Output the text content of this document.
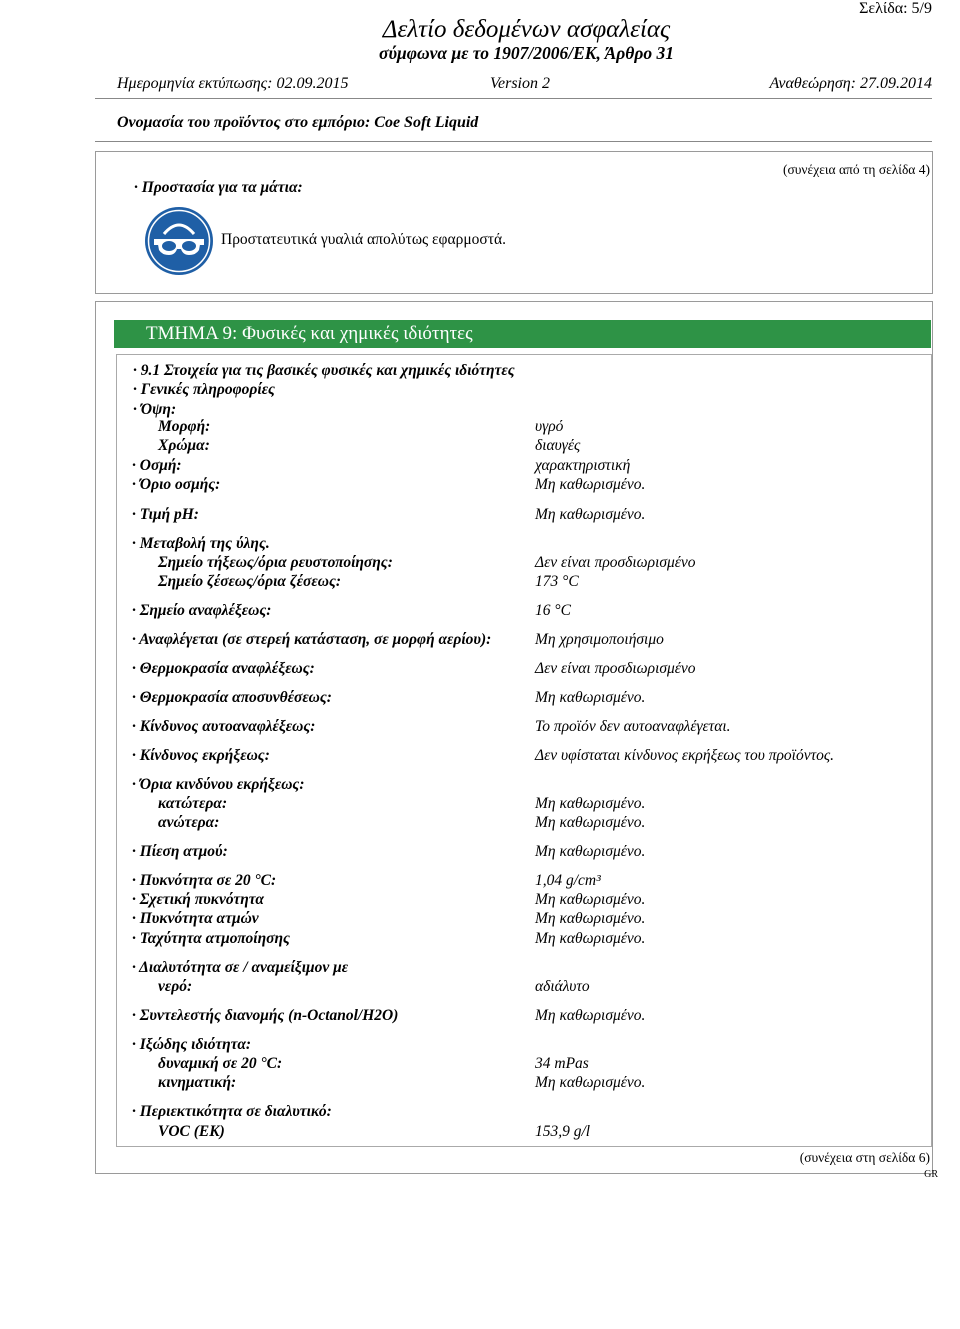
Σελίδα: 5/9
Δελτίο δεδομένων ασφαλείας
σύμφωνα με το 1907/2006/ΕΚ, Άρθρο 31
Ημερομηνία εκτύπωσης: 02.09.2015	Version 2	Αναθεώρηση: 27.09.2014
Ονομασία του προϊόντος στο εμπόριο: Coe Soft Liquid
(συνέχεια από τη σελίδα 4)
· Προστασία για τα μάτια:
Προστατευτικά γυαλιά απολύτως εφαρμοστά.
ΤΜΗΜΑ 9: Φυσικές και χημικές ιδιότητες
· 9.1 Στοιχεία για τις βασικές φυσικές και χημικές ιδιότητες
· Γενικές πληροφορίες
· Όψη:
(συνέχεια στη σελίδα 6)
GR
Μορφή:	υγρό
Χρώμα:	διαυγές
· Οσμή:	χαρακτηριστική
· Όριο οσμής:	Μη καθωρισμένο.
· Τιμή pH:	Μη καθωρισμένο.
· Μεταβολή της ύλης.
Σημείο τήξεως/όρια ρευστοποίησης:	Δεν είναι προσδιωρισμένο
Σημείο ζέσεως/όρια ζέσεως:	173 °C
· Σημείο αναφλέξεως:	16 °C
· Αναφλέγεται (σε στερεή κατάσταση, σε μορφή αερίου):	Μη χρησιμοποιήσιμο
· Θερμοκρασία αναφλέξεως:	Δεν είναι προσδιωρισμένο
· Θερμοκρασία αποσυνθέσεως:	Μη καθωρισμένο.
· Κίνδυνος αυτοαναφλέξεως:	Το προϊόν δεν αυτοαναφλέγεται.
· Κίνδυνος εκρήξεως:	Δεν υφίσταται κίνδυνος εκρήξεως του προϊόντος.
· Όρια κινδύνου εκρήξεως:
κατώτερα:	Μη καθωρισμένο.
ανώτερα:	Μη καθωρισμένο.
· Πίεση ατμού:	Μη καθωρισμένο.
· Πυκνότητα σε 20 °C:	1,04 g/cm³
· Σχετική πυκνότητα	Μη καθωρισμένο.
· Πυκνότητα ατμών	Μη καθωρισμένο.
· Ταχύτητα ατμοποίησης	Μη καθωρισμένο.
· Διαλυτότητα σε / αναμείξιμον με
νερό:	αδιάλυτο
· Συντελεστής διανομής (n-Octanol/H2O)	Μη καθωρισμένο.
· Ιξώδης ιδιότητα:
δυναμική σε 20 °C:	34 mPas
κινηματική:	Μη καθωρισμένο.
· Περιεκτικότητα σε διαλυτικό:
VOC (EK)	153,9 g/l
